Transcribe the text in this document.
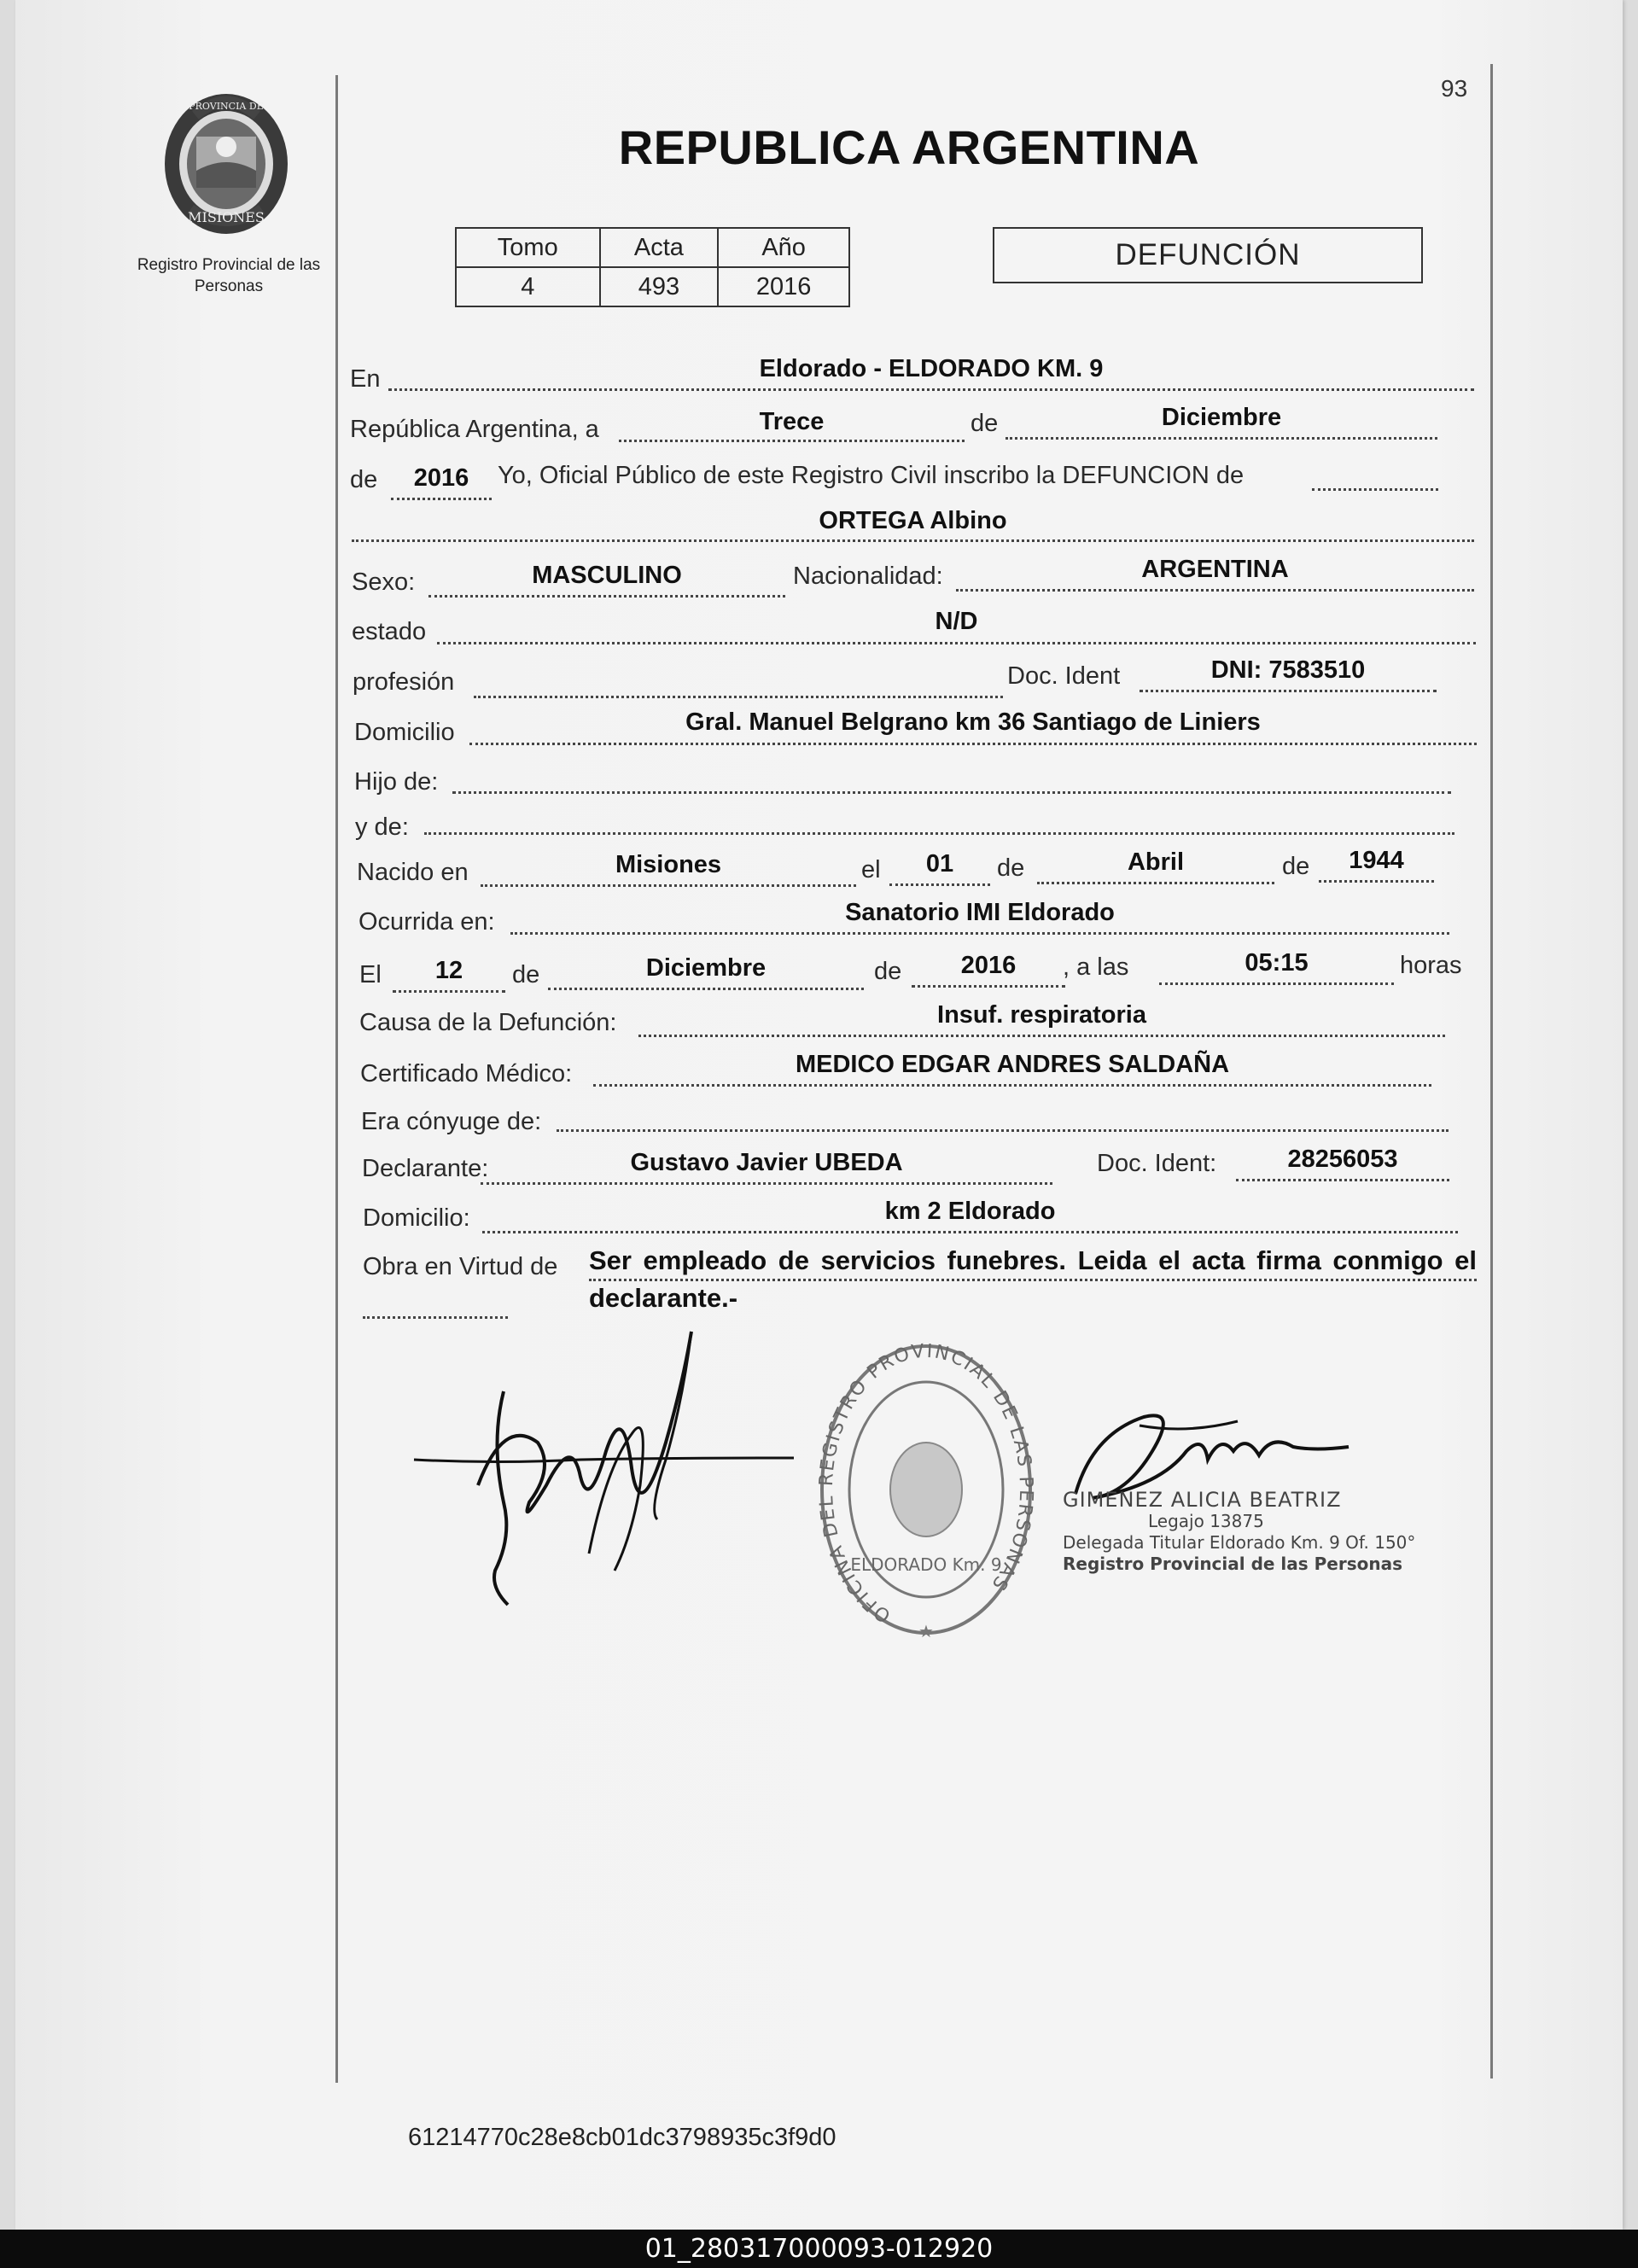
93
PROVINCIA DE
MISIONES
Registro Provincial de las Personas
REPUBLICA ARGENTINA
Tomo	Acta	Año
4	493	2016
DEFUNCIÓN
En	Eldorado - ELDORADO KM. 9
República Argentina, a	Trece	de	Diciembre
de	2016	Yo, Oficial Público de este Registro Civil inscribo la DEFUNCION de
ORTEGA Albino
Sexo:	MASCULINO	Nacionalidad:	ARGENTINA
estado	N/D
profesión	Doc. Ident	DNI: 7583510
Domicilio	Gral. Manuel Belgrano km 36 Santiago de Liniers
Hijo de:
y de:
Nacido en	Misiones	el	01	de	Abril	de	1944
Ocurrida en:	Sanatorio IMI Eldorado
El	12	de	Diciembre	de	2016	, a las	05:15	horas
Causa de la Defunción:	Insuf. respiratoria
Certificado Médico:	MEDICO EDGAR ANDRES SALDAÑA
Era cónyuge de:
Declarante:	Gustavo Javier UBEDA	Doc. Ident:	28256053
Domicilio:	km 2 Eldorado
Obra en Virtud de Ser empleado de servicios funebres. Leida el acta firma conmigo el declarante.-
OFICINA DEL REGISTRO PROVINCIAL DE LAS PERSONAS
ELDORADO Km. 9
★
GIMENEZ ALICIA BEATRIZ
Legajo 13875
Delegada Titular Eldorado Km. 9 Of. 150°
Registro Provincial de las Personas
61214770c28e8cb01dc3798935c3f9d0
01_280317000093-012920
